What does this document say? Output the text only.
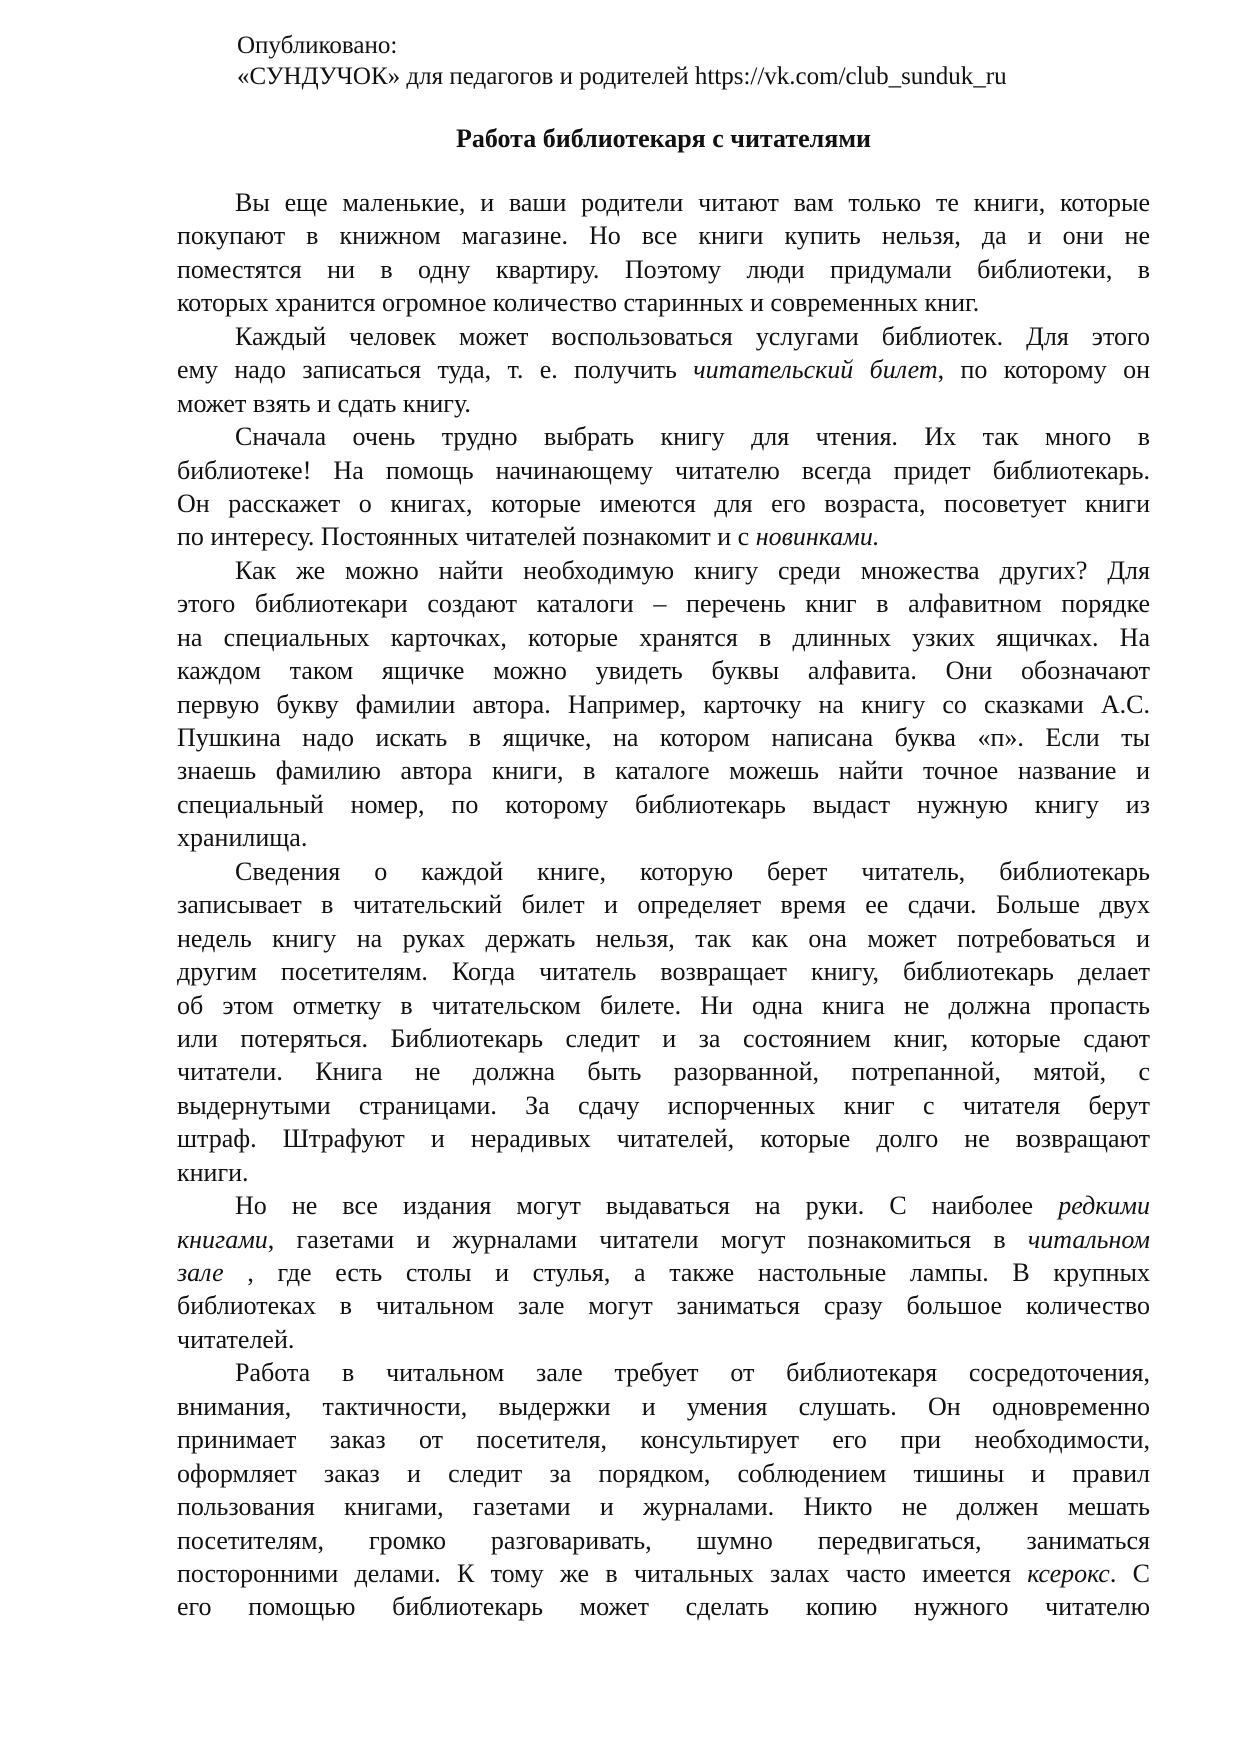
Опубликовано:
«СУНДУЧОК» для педагогов и родителей https://vk.com/club_sunduk_ru
Работа библиотекаря с читателями
Вы еще маленькие, и ваши родители читают вам только те книги, которые
покупают в книжном магазине. Но все книги купить нельзя, да и они не
поместятся ни в одну квартиру. Поэтому люди придумали библиотеки, в
которых хранится огромное количество старинных и современных книг.
Каждый человек может воспользоваться услугами библиотек. Для этого
ему надо записаться туда, т. е. получить читательский билет, по которому он
может взять и сдать книгу.
Сначала очень трудно выбрать книгу для чтения. Их так много в
библиотеке! На помощь начинающему читателю всегда придет библиотекарь.
Он расскажет о книгах, которые имеются для его возраста, посоветует книги
по интересу. Постоянных читателей познакомит и с новинками.
Как же можно найти необходимую книгу среди множества других? Для
этого библиотекари создают каталоги – перечень книг в алфавитном порядке
на специальных карточках, которые хранятся в длинных узких ящичках. На
каждом таком ящичке можно увидеть буквы алфавита. Они обозначают
первую букву фамилии автора. Например, карточку на книгу со сказками А.С.
Пушкина надо искать в ящичке, на котором написана буква «п». Если ты
знаешь фамилию автора книги, в каталоге можешь найти точное название и
специальный номер, по которому библиотекарь выдаст нужную книгу из
хранилища.
Сведения о каждой книге, которую берет читатель, библиотекарь
записывает в читательский билет и определяет время ее сдачи. Больше двух
недель книгу на руках держать нельзя, так как она может потребоваться и
другим посетителям. Когда читатель возвращает книгу, библиотекарь делает
об этом отметку в читательском билете. Ни одна книга не должна пропасть
или потеряться. Библиотекарь следит и за состоянием книг, которые сдают
читатели. Книга не должна быть разорванной, потрепанной, мятой, с
выдернутыми страницами. За сдачу испорченных книг с читателя берут
штраф. Штрафуют и нерадивых читателей, которые долго не возвращают
книги.
Но не все издания могут выдаваться на руки. С наиболее редкими
книгами, газетами и журналами читатели могут познакомиться в читальном
зале , где есть столы и стулья, а также настольные лампы. В крупных
библиотеках в читальном зале могут заниматься сразу большое количество
читателей.
Работа в читальном зале требует от библиотекаря сосредоточения,
внимания, тактичности, выдержки и умения слушать. Он одновременно
принимает заказ от посетителя, консультирует его при необходимости,
оформляет заказ и следит за порядком, соблюдением тишины и правил
пользования книгами, газетами и журналами. Никто не должен мешать
посетителям, громко разговаривать, шумно передвигаться, заниматься
посторонними делами. К тому же в читальных залах часто имеется ксерокс. С
его помощью библиотекарь может сделать копию нужного читателю
